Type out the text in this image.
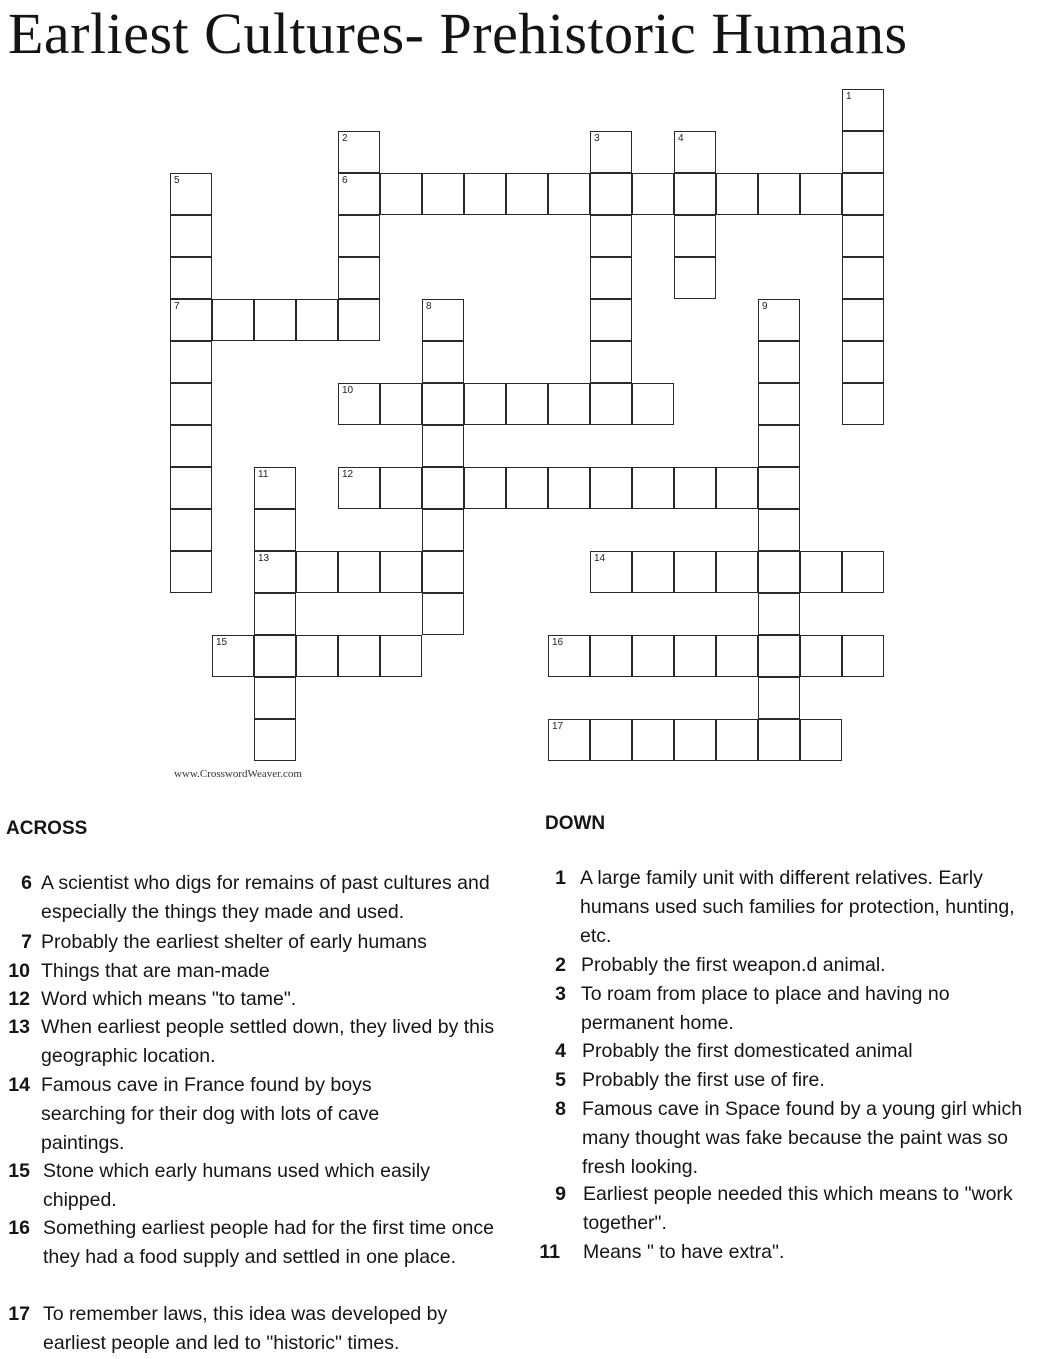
Earliest Cultures- Prehistoric Humans
1
2
6
3	4
5
7	8	9
10
11
13
12
14
15	16
17
www.CrosswordWeaver.com
ACROSS	DOWN
6 A scientist who digs for remains of past cultures and especially the things they made and used.
7 Probably the earliest shelter of early humans
10 Things that are man-made
12 Word which means "to tame".
13 When earliest people settled down, they lived by this geographic location.
14 Famous cave in France found by boys searching for their dog with lots of cave paintings.
15 Stone which early humans used which easily chipped.
16 Something earliest people had for the first time once they had a food supply and settled in one place.
17 To remember laws, this idea was developed by earliest people and led to "historic" times.
1 A large family unit with different relatives. Early humans used such families for protection, hunting, etc.
2 Probably the first weapon.d animal.
3 To roam from place to place and having no permanent home.
4 Probably the first domesticated animal
5 Probably the first use of fire.
8 Famous cave in Space found by a young girl which many thought was fake because the paint was so fresh looking.
9 Earliest people needed this which means to "work together".
11 Means " to have extra".
